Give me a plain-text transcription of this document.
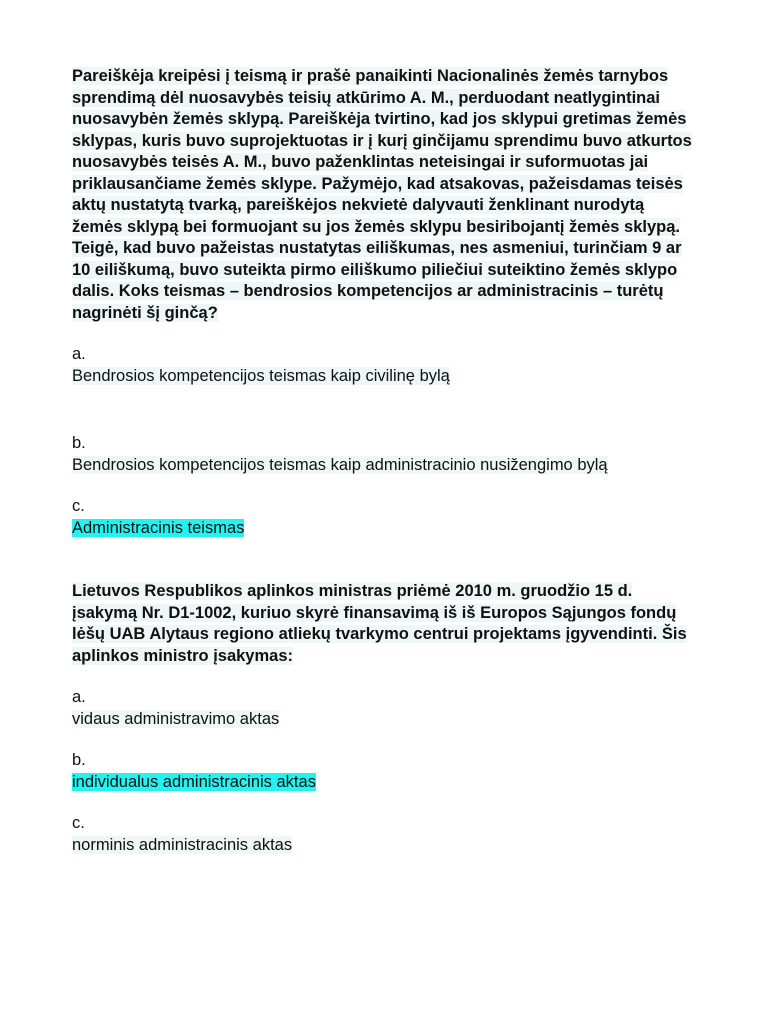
Pareiškėja kreipėsi į teismą ir prašė panaikinti Nacionalinės žemės tarnybos sprendimą dėl nuosavybės teisių atkūrimo A. M., perduodant neatlygintinai nuosavybėn žemės sklypą. Pareiškėja tvirtino, kad jos sklypui gretimas žemės sklypas, kuris buvo suprojektuotas ir į kurį ginčijamu sprendimu buvo atkurtos nuosavybės teisės A. M., buvo paženklintas neteisingai ir suformuotas jai priklausančiame žemės sklype. Pažymėjo, kad atsakovas, pažeisdamas teisės aktų nustatytą tvarką, pareiškėjos nekvietė dalyvauti ženklinant nurodytą žemės sklypą bei formuojant su jos žemės sklypu besiribojantį žemės sklypą. Teigė, kad buvo pažeistas nustatytas eiliškumas, nes asmeniui, turinčiam 9 ar 10 eiliškumą, buvo suteikta pirmo eiliškumo piliečiui suteiktino žemės sklypo dalis. Koks teismas – bendrosios kompetencijos ar administracinis – turėtų nagrinėti šį ginčą?

a.
Bendrosios kompetencijos teismas kaip civilinę bylą
b.
Bendrosios kompetencijos teismas kaip administracinio nusižengimo bylą
c.
Administracinis teismas

Lietuvos Respublikos aplinkos ministras priėmė 2010 m. gruodžio 15 d. įsakymą Nr. D1-1002, kuriuo skyrė finansavimą iš iš Europos Sąjungos fondų lėšų UAB Alytaus regiono atliekų tvarkymo centrui projektams įgyvendinti. Šis aplinkos ministro įsakymas:

a.
vidaus administravimo aktas
b.
individualus administracinis aktas
c.
norminis administracinis aktas
